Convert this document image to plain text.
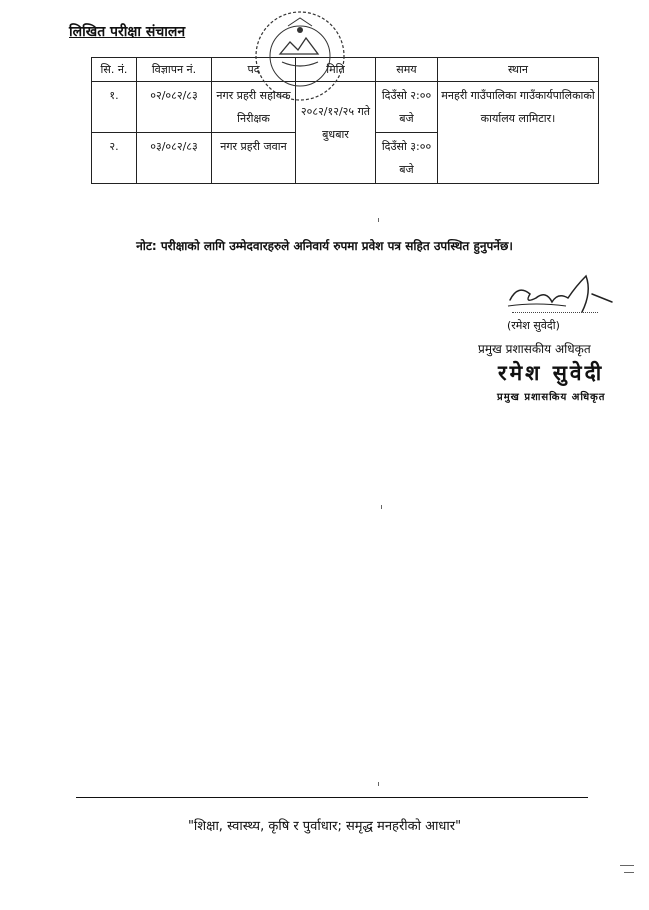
लिखित परीक्षा संचालन
सि. नं.	विज्ञापन नं.	पद	मिति	समय	स्थान
१.	०२/०८२/८३	नगर प्रहरी सहायक निरीक्षक	२०८२/१२/२५ गते बुधबार	दिउँसो २:०० बजे	मनहरी गाउँपालिका गाउँकार्यपालिकाको कार्यालय लामिटार।
२.	०३/०८२/८३	नगर प्रहरी जवान		दिउँसो ३:०० बजे	
नोट: परीक्षाको लागि उम्मेदवारहरुले अनिवार्य रुपमा प्रवेश पत्र सहित उपस्थित हुनुपर्नेछ।
(रमेश सुवेदी)
प्रमुख प्रशासकीय अधिकृत
रमेश सुवेदी
प्रमुख प्रशासकिय अधिकृत
"शिक्षा, स्वास्थ्य, कृषि र पुर्वाधार; समृद्ध मनहरीको आधार"
